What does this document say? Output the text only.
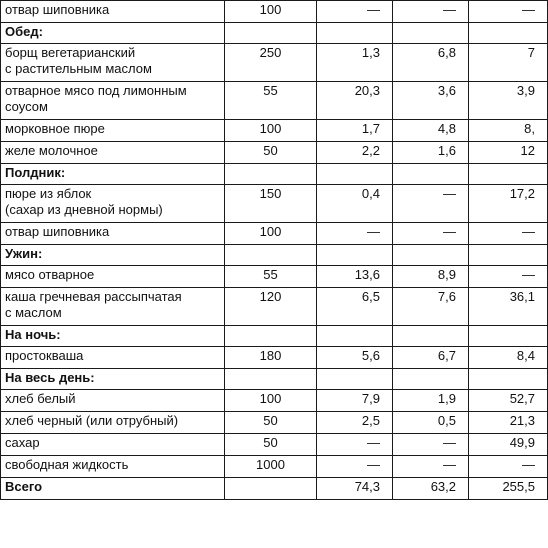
отвар шиповника	100	—	—	—
Обед:				
борщ вегетарианский
с растительным маслом	250	1,3	6,8	7
отварное мясо под лимонным
соусом	55	20,3	3,6	3,9
морковное пюре	100	1,7	4,8	8,
желе молочное	50	2,2	1,6	12
Полдник:				
пюре из яблок
(сахар из дневной нормы)	150	0,4	—	17,2
отвар шиповника	100	—	—	—
Ужин:				
мясо отварное	55	13,6	8,9	—
каша гречневая рассыпчатая
с маслом	120	6,5	7,6	36,1
На ночь:				
простокваша	180	5,6	6,7	8,4
На весь день:				
хлеб белый	100	7,9	1,9	52,7
хлеб черный (или отрубный)	50	2,5	0,5	21,3
сахар	50	—	—	49,9
свободная жидкость	1000	—	—	—
Всего		74,3	63,2	255,5
